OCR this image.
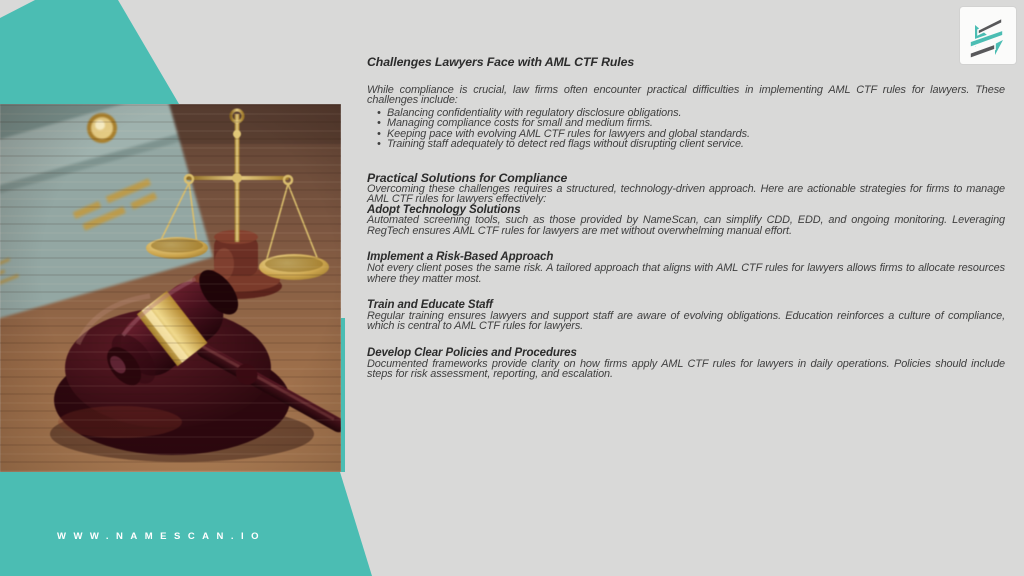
Challenges Lawyers Face with AML CTF Rules

While compliance is crucial, law firms often encounter practical difficulties in implementing AML CTF rules for lawyers. These challenges include:

• Balancing confidentiality with regulatory disclosure obligations.
• Managing compliance costs for small and medium firms.
• Keeping pace with evolving AML CTF rules for lawyers and global standards.
• Training staff adequately to detect red flags without disrupting client service.
Practical Solutions for Compliance

Overcoming these challenges requires a structured, technology-driven approach. Here are actionable strategies for firms to manage AML CTF rules for lawyers effectively:

Adopt Technology Solutions

Automated screening tools, such as those provided by NameScan, can simplify CDD, EDD, and ongoing monitoring. Leveraging RegTech ensures AML CTF rules for lawyers are met without overwhelming manual effort.

Implement a Risk-Based Approach

Not every client poses the same risk. A tailored approach that aligns with AML CTF rules for lawyers allows firms to allocate resources where they matter most.

Train and Educate Staff

Regular training ensures lawyers and support staff are aware of evolving obligations. Education reinforces a culture of compliance, which is central to AML CTF rules for lawyers.

Develop Clear Policies and Procedures

Documented frameworks provide clarity on how firms apply AML CTF rules for lawyers in daily operations. Policies should include steps for risk assessment, reporting, and escalation.

WWW.NAMESCAN.IO
